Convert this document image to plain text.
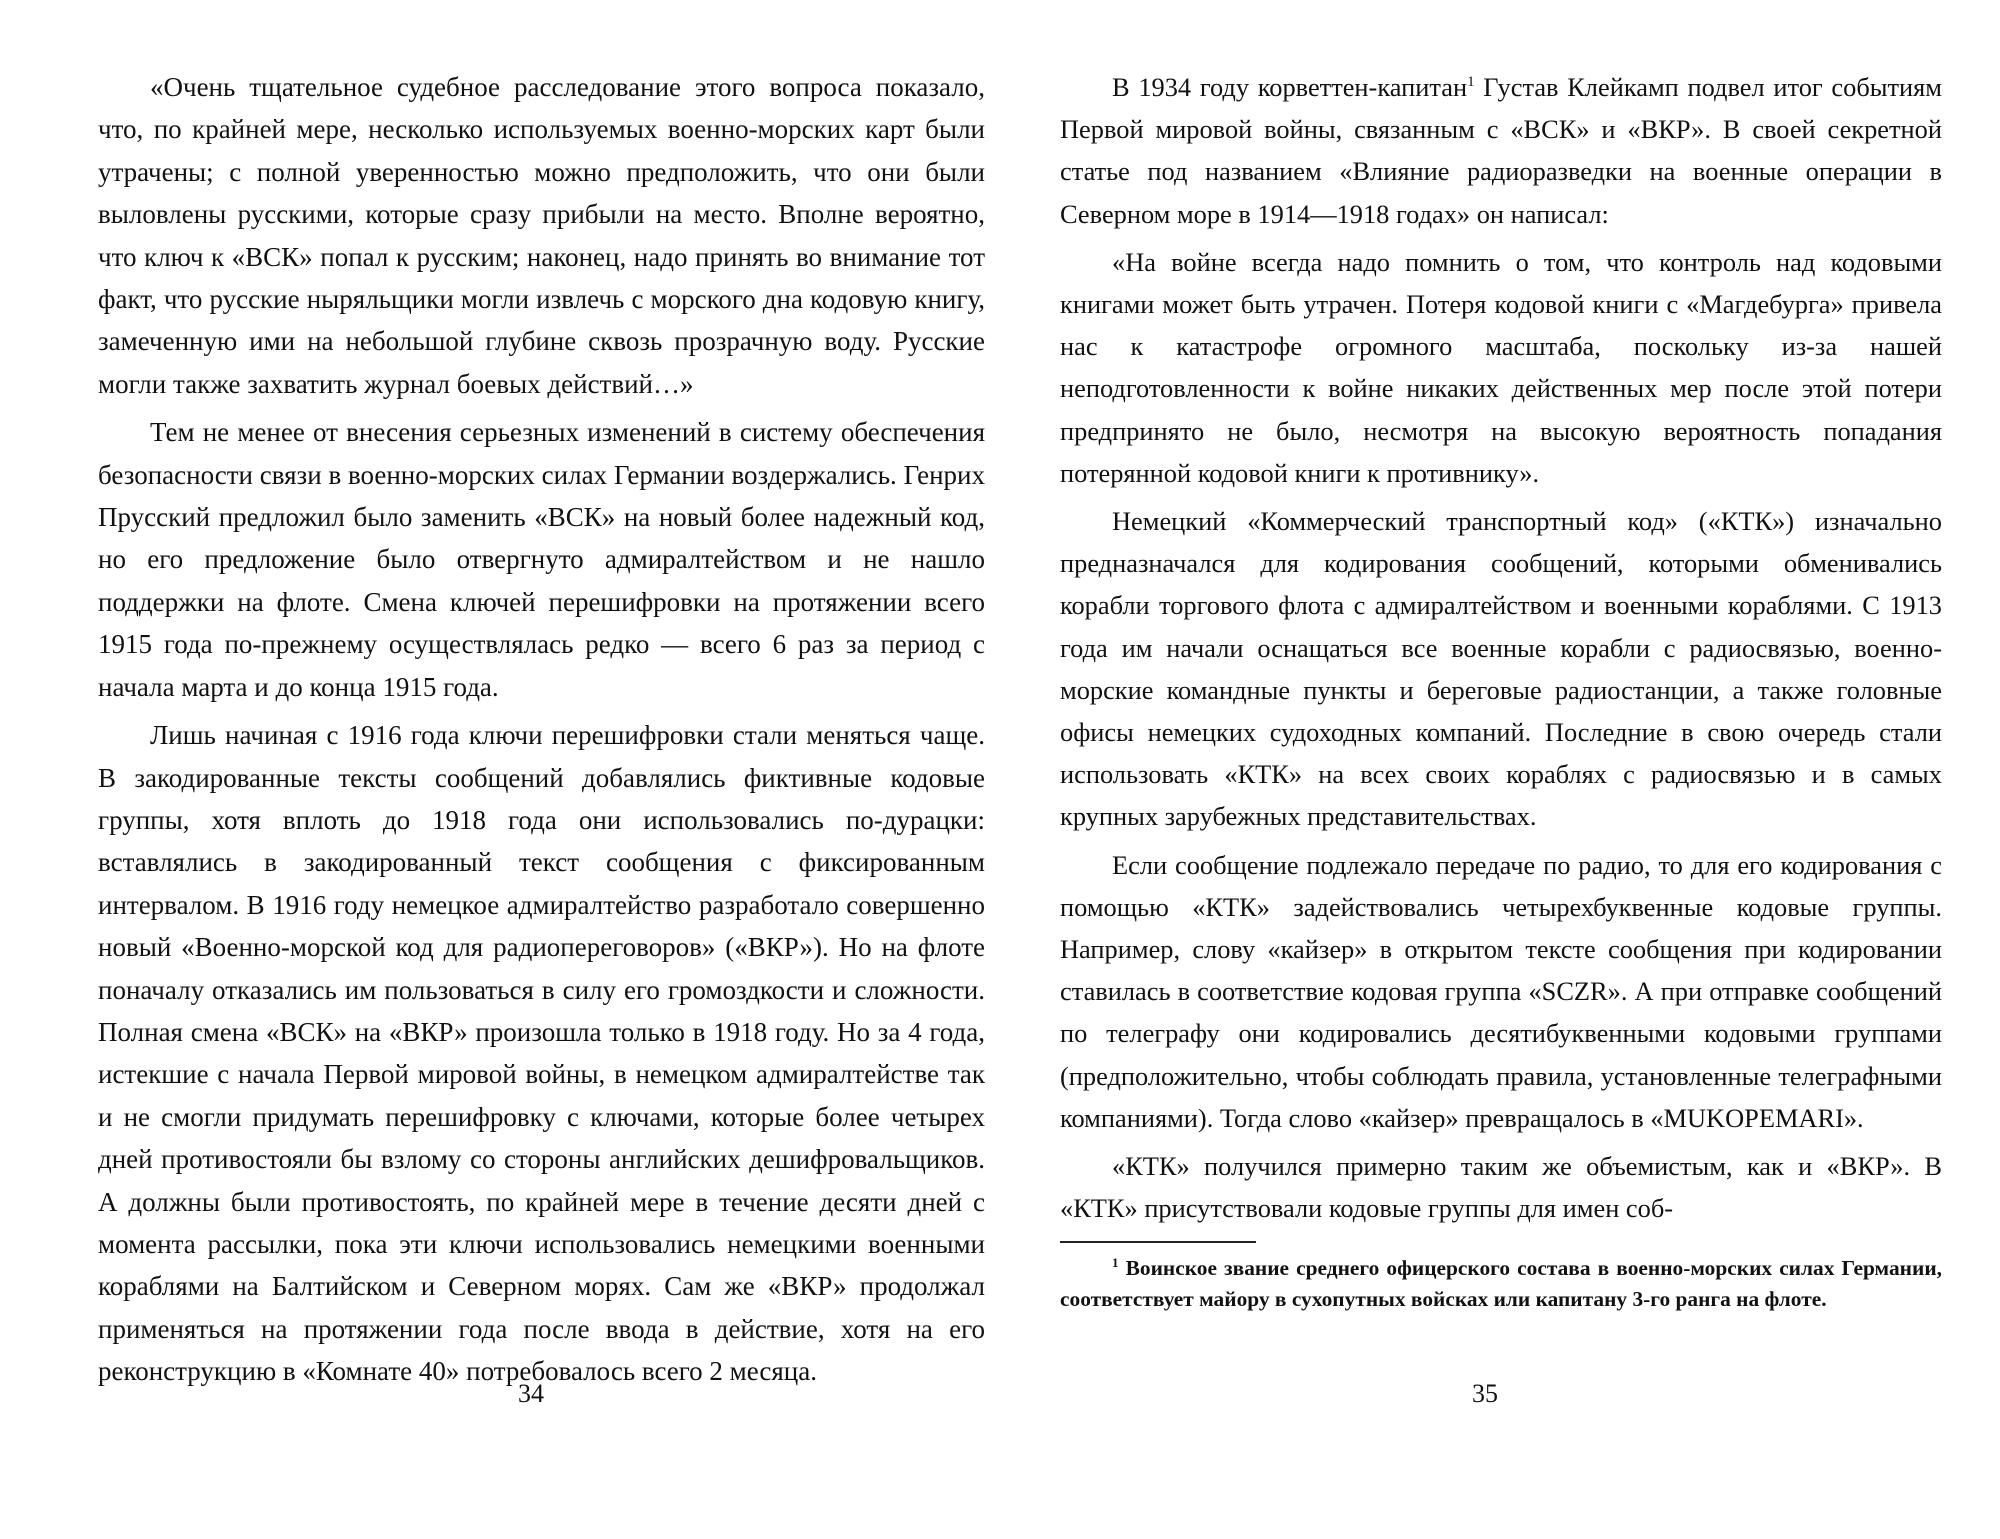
«Очень тщательное судебное расследование этого вопроса показало, что, по крайней мере, несколько используемых военно-морских карт были утрачены; с полной уверенностью можно предположить, что они были выловлены русскими, которые сразу прибыли на место. Вполне вероятно, что ключ к «ВСК» попал к русским; наконец, надо принять во внимание тот факт, что русские ныряльщики могли извлечь с морского дна кодовую книгу, замеченную ими на небольшой глубине сквозь прозрачную воду. Русские могли также захватить журнал боевых действий…»

Тем не менее от внесения серьезных изменений в систему обеспечения безопасности связи в военно-морских силах Германии воздержались. Генрих Прусский предложил было заменить «ВСК» на новый более надежный код, но его предложение было отвергнуто адмиралтейством и не нашло поддержки на флоте. Смена ключей перешифровки на протяжении всего 1915 года по-прежнему осуществлялась редко — всего 6 раз за период с начала марта и до конца 1915 года.

Лишь начиная с 1916 года ключи перешифровки стали меняться чаще. В закодированные тексты сообщений добавлялись фиктивные кодовые группы, хотя вплоть до 1918 года они использовались по-дурацки: вставлялись в закодированный текст сообщения с фиксированным интервалом. В 1916 году немецкое адмиралтейство разработало совершенно новый «Военно-морской код для радиопереговоров» («ВКР»). Но на флоте поначалу отказались им пользоваться в силу его громоздкости и сложности. Полная смена «ВСК» на «ВКР» произошла только в 1918 году. Но за 4 года, истекшие с начала Первой мировой войны, в немецком адмиралтействе так и не смогли придумать перешифровку с ключами, которые более четырех дней противостояли бы взлому со стороны английских дешифровальщиков. А должны были противостоять, по крайней мере в течение десяти дней с момента рассылки, пока эти ключи использовались немецкими военными кораблями на Балтийском и Северном морях. Сам же «ВКР» продолжал применяться на протяжении года после ввода в действие, хотя на его реконструкцию в «Комнате 40» потребовалось всего 2 месяца.

34

В 1934 году корветтен-капитан$^1$ Густав Клейкамп подвел итог событиям Первой мировой войны, связанным с «ВСК» и «ВКР». В своей секретной статье под названием «Влияние радиоразведки на военные операции в Северном море в 1914—1918 годах» он написал:

«На войне всегда надо помнить о том, что контроль над кодовыми книгами может быть утрачен. Потеря кодовой книги с «Магдебурга» привела нас к катастрофе огромного масштаба, поскольку из-за нашей неподготовленности к войне никаких действенных мер после этой потери предпринято не было, несмотря на высокую вероятность попадания потерянной кодовой книги к противнику».

Немецкий «Коммерческий транспортный код» («КТК») изначально предназначался для кодирования сообщений, которыми обменивались корабли торгового флота с адмиралтейством и военными кораблями. С 1913 года им начали оснащаться все военные корабли с радиосвязью, военно-морские командные пункты и береговые радиостанции, а также головные офисы немецких судоходных компаний. Последние в свою очередь стали использовать «КТК» на всех своих кораблях с радиосвязью и в самых крупных зарубежных представительствах.

Если сообщение подлежало передаче по радио, то для его кодирования с помощью «КТК» задействовались четырехбуквенные кодовые группы. Например, слову «кайзер» в открытом тексте сообщения при кодировании ставилась в соответствие кодовая группа «SCZR». А при отправке сообщений по телеграфу они кодировались десятибуквенными кодовыми группами (предположительно, чтобы соблюдать правила, установленные телеграфными компаниями). Тогда слово «кайзер» превращалось в «MUKOPEMARI».

«КТК» получился примерно таким же объемистым, как и «ВКР». В «КТК» присутствовали кодовые группы для имен соб-

$^1$ Воинское звание среднего офицерского состава в военно-морских силах Германии, соответствует майору в сухопутных войсках или капитану 3-го ранга на флоте.

35
